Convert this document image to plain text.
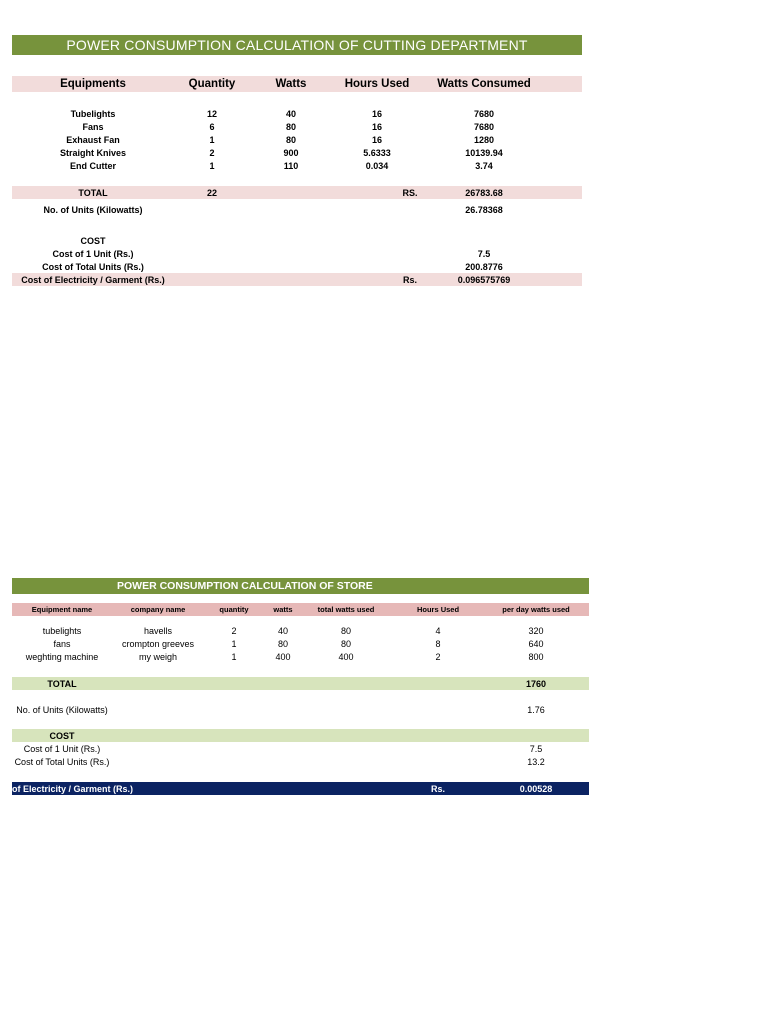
POWER CONSUMPTION CALCULATION OF CUTTING DEPARTMENT
Equipments	Quantity	Watts	Hours Used Watts Consumed
Tubelights	12	40	16	7680
Fans	6	80	16	7680
Exhaust Fan	1	80	16	1280
Straight Knives	2	900	5.6333	10139.94
End Cutter	1	110	0.034	3.74
TOTAL	22	RS.	26783.68
No. of Units (Kilowatts)	26.78368
COST
Cost of 1 Unit (Rs.)	7.5
Cost of Total Units (Rs.)	200.8776
Cost of Electricity / Garment (Rs.)	Rs.	0.096575769
POWER CONSUMPTION CALCULATION OF STORE
Equipment name	company name	quantity	watts	total watts used	Hours Used	per day watts used
tubelights	havells	2	40	80	4	320
fans	crompton greeves	1	80	80	8	640
weghting machine	my weigh	1	400	400	2	800
TOTAL	1760
No. of Units (Kilowatts)	1.76
COST
Cost of 1 Unit (Rs.)	7.5
Cost of Total Units (Rs.)	13.2
of Electricity / Garment (Rs.)	Rs.	0.00528
